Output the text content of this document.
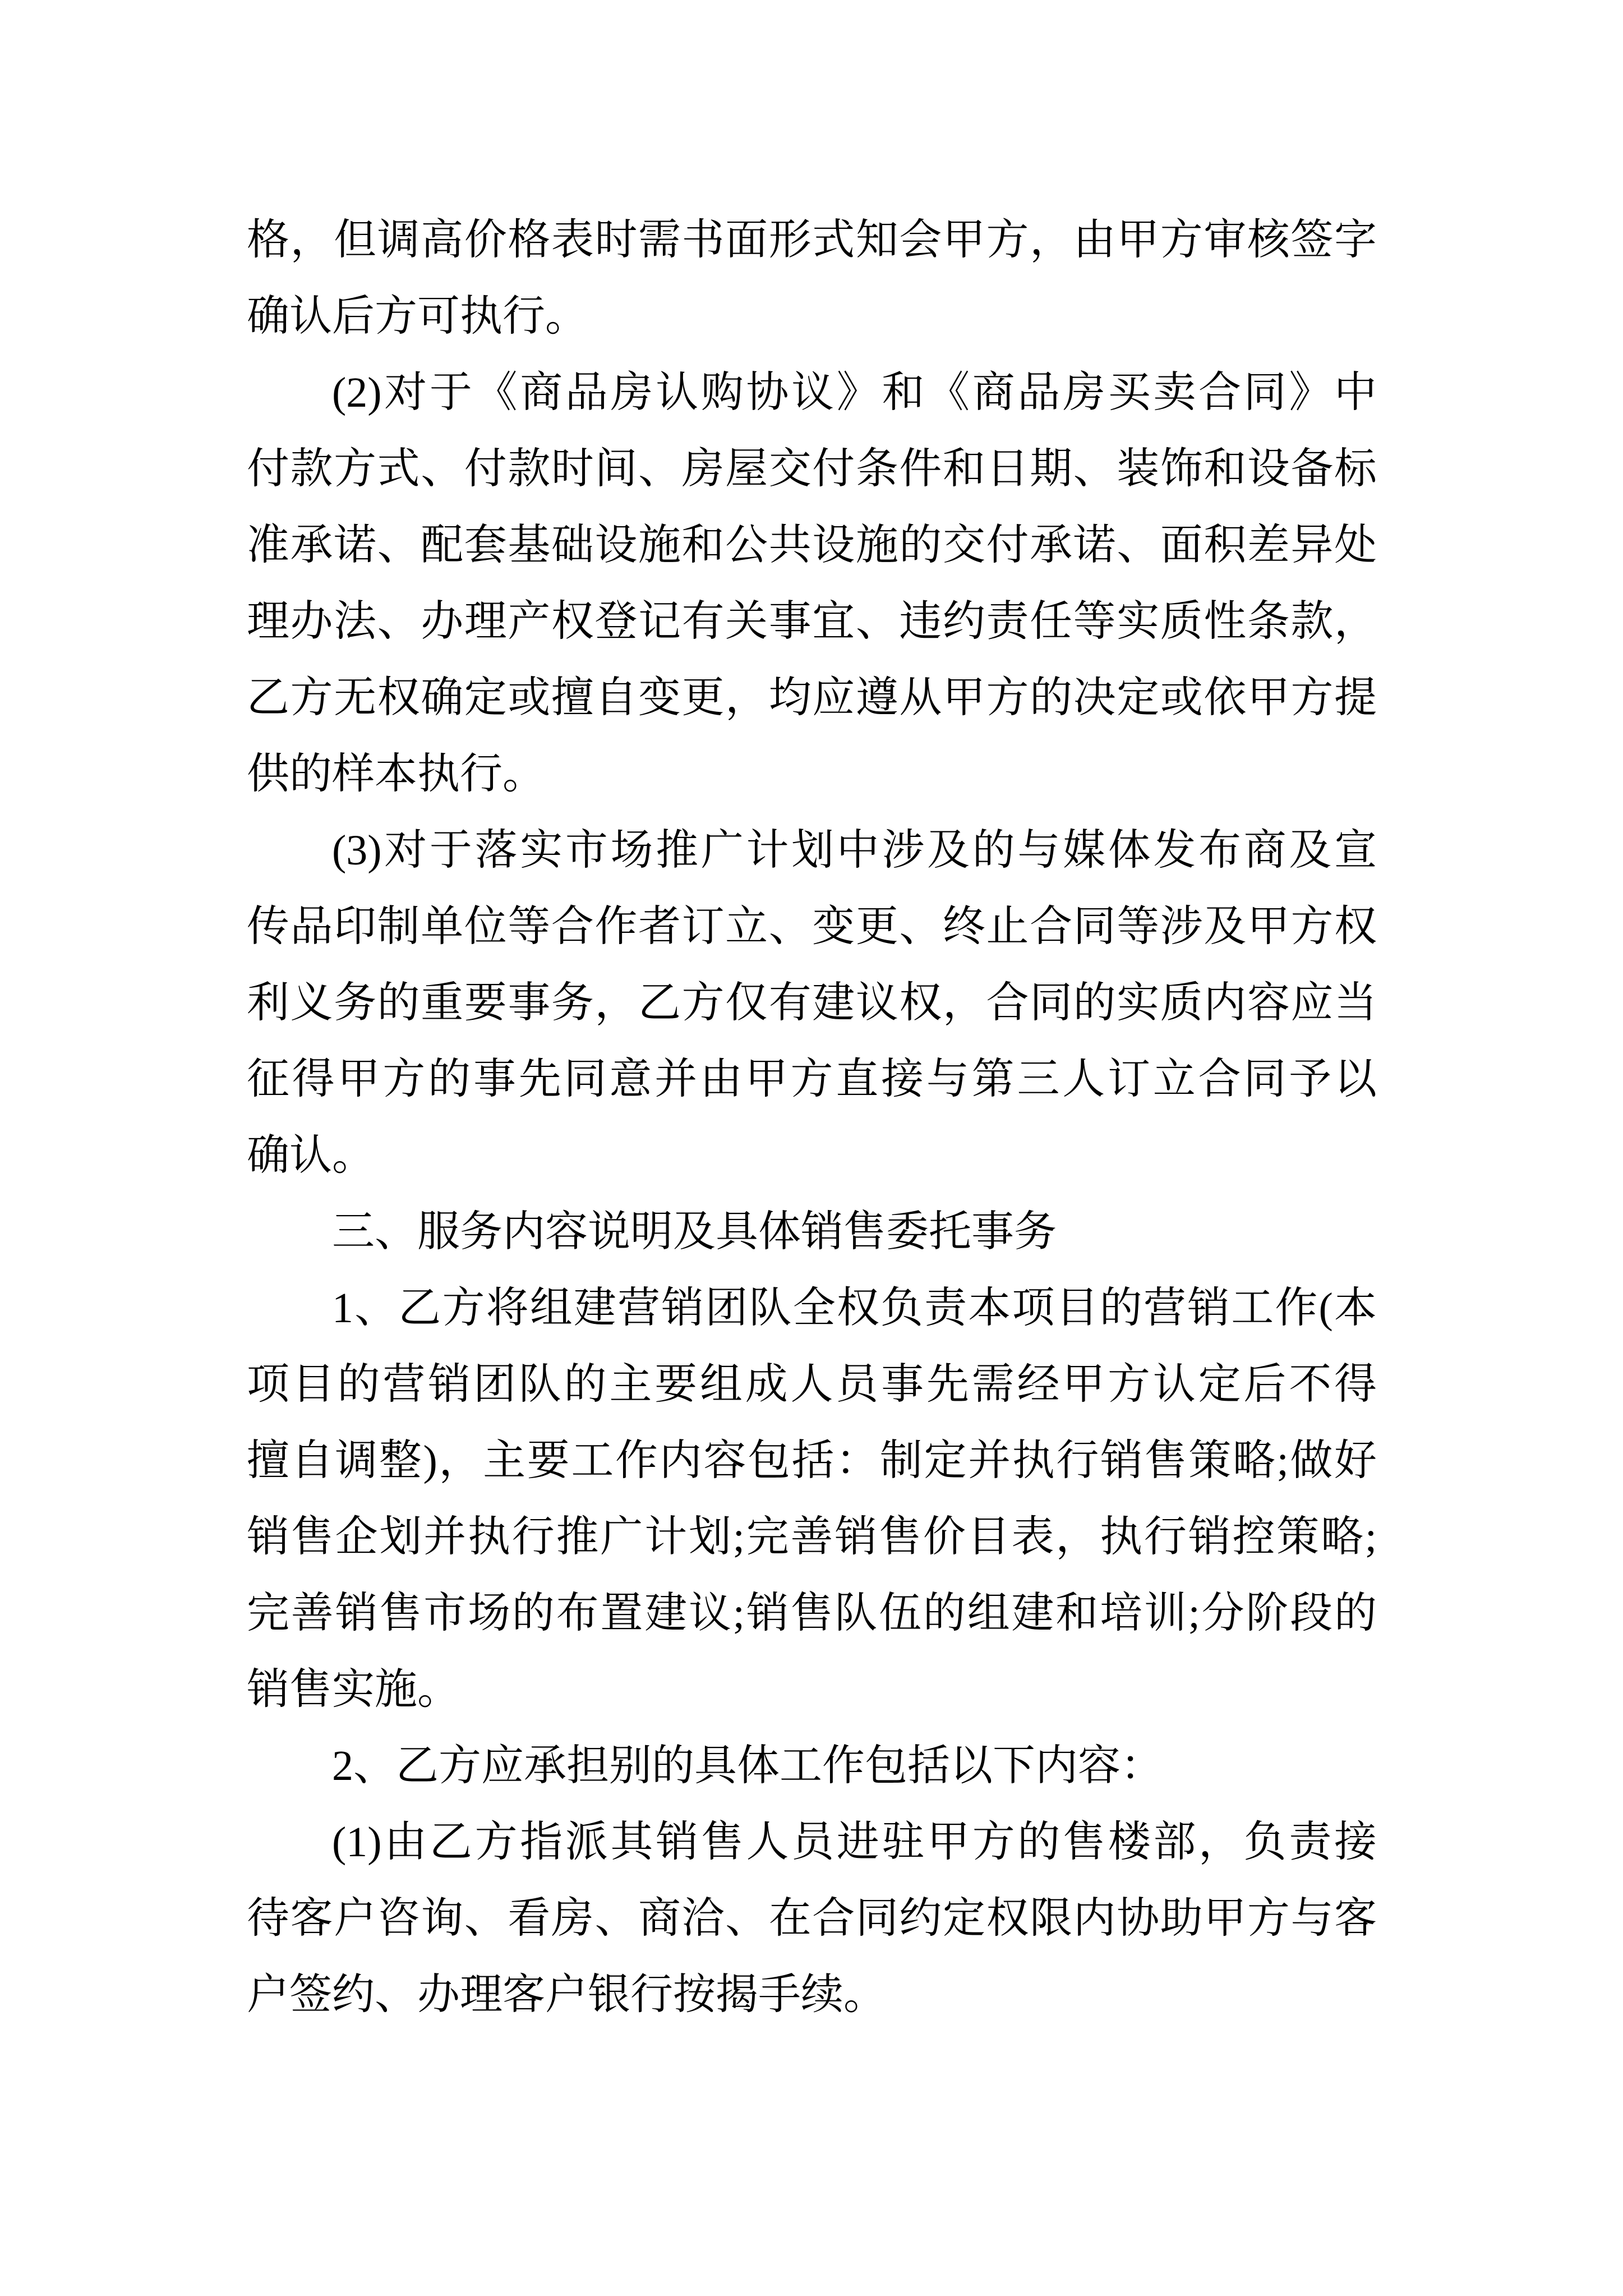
格，但调高价格表时需书面形式知会甲方，由甲方审核签字
确认后方可执行。
(2)对于《商品房认购协议》和《商品房买卖合同》中
付款方式、付款时间、房屋交付条件和日期、装饰和设备标
准承诺、配套基础设施和公共设施的交付承诺、面积差异处
理办法、办理产权登记有关事宜、违约责任等实质性条款，
乙方无权确定或擅自变更，均应遵从甲方的决定或依甲方提
供的样本执行。
(3)对于落实市场推广计划中涉及的与媒体发布商及宣
传品印制单位等合作者订立、变更、终止合同等涉及甲方权
利义务的重要事务，乙方仅有建议权，合同的实质内容应当
征得甲方的事先同意并由甲方直接与第三人订立合同予以
确认。
三、服务内容说明及具体销售委托事务
1、乙方将组建营销团队全权负责本项目的营销工作(本
项目的营销团队的主要组成人员事先需经甲方认定后不得
擅自调整)，主要工作内容包括：制定并执行销售策略;做好
销售企划并执行推广计划;完善销售价目表，执行销控策略;
完善销售市场的布置建议;销售队伍的组建和培训;分阶段的
销售实施。
2、乙方应承担别的具体工作包括以下内容：
(1)由乙方指派其销售人员进驻甲方的售楼部，负责接
待客户咨询、看房、商洽、在合同约定权限内协助甲方与客
户签约、办理客户银行按揭手续。
